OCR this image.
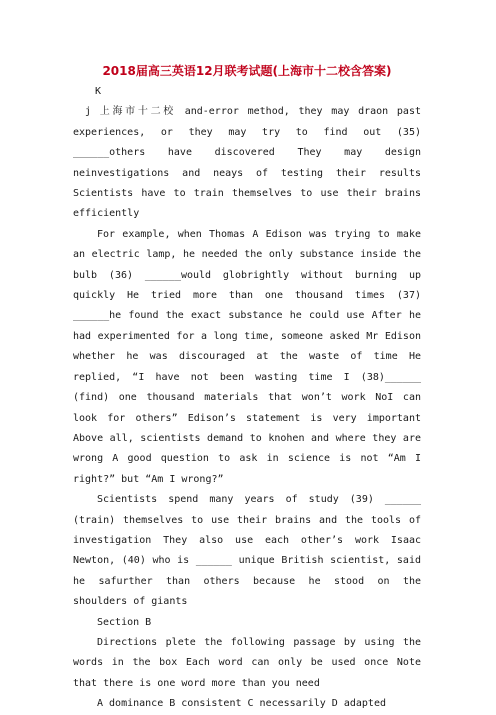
2018届高三英语12月联考试题(上海市十二校含答案)

K

j 上海市十二校 and-error method, they may draon past experiences, or they may try to find out (35) ______others have discovered They may design neinvestigations and neays of testing their results Scientists have to train themselves to use their brains efficiently

For example, when Thomas A Edison was trying to make an electric lamp, he needed the only substance inside the bulb (36) ______would globrightly without burning up quickly He tried more than one thousand times (37) ______he found the exact substance he could use After he had experimented for a long time, someone asked Mr Edison whether he was discouraged at the waste of time He replied, “I have not been wasting time I (38)______ (find) one thousand materials that won’t work NoI can look for others” Edison’s statement is very important Above all, scientists demand to knohen and where they are wrong A good question to ask in science is not “Am I right?” but “Am I wrong?”

Scientists spend many years of study (39) ______ (train) themselves to use their brains and the tools of investigation They also use each other’s work Isaac Newton, (40) who is ______ unique British scientist, said he safurther than others because he stood on the shoulders of giants

Section B

Directions plete the following passage by using the words in the box Each word can only be used once Note that there is one word more than you need

A dominance B consistent C necessarily D adapted
